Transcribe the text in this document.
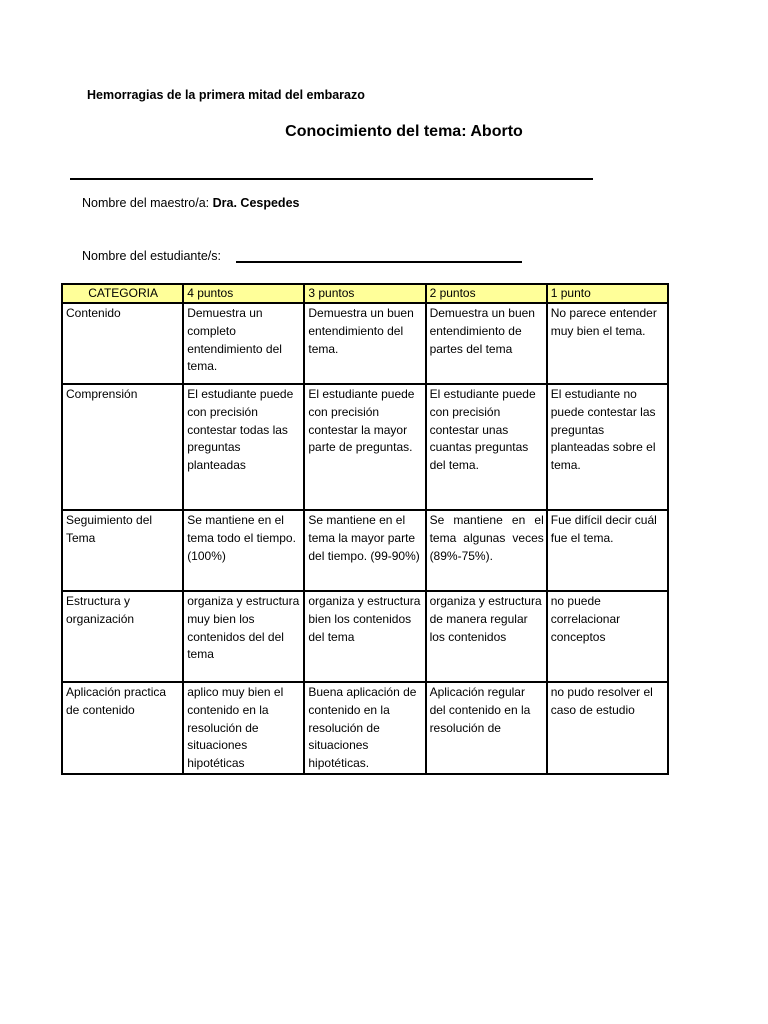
Hemorragias de la primera mitad del embarazo
Conocimiento del tema: Aborto
Nombre del maestro/a: Dra. Cespedes
Nombre del estudiante/s:
CATEGORIA	4 puntos	3 puntos	2 puntos	1 punto
Contenido	Demuestra un completo entendimiento del tema.	Demuestra un buen entendimiento del tema.	Demuestra un buen entendimiento de partes del tema	No parece entender muy bien el tema.
Comprensión	El estudiante puede con precisión contestar todas las preguntas planteadas	El estudiante puede con precisión contestar la mayor parte de preguntas.	El estudiante puede con precisión contestar unas cuantas preguntas del tema.	El estudiante no puede contestar las preguntas planteadas sobre el tema.
Seguimiento del Tema	Se mantiene en el tema todo el tiempo. (100%)	Se mantiene en el tema la mayor parte del tiempo. (99-90%)	Se mantiene en el tema algunas veces (89%-75%).	Fue difícil decir cuál fue el tema.
Estructura y organización	organiza y estructura muy bien los contenidos del del tema	organiza y estructura bien los contenidos del tema	organiza y estructura de manera regular los contenidos	no puede correlacionar conceptos
Aplicación practica de contenido	aplico muy bien el contenido en la resolución de situaciones hipotéticas	Buena aplicación de contenido en la resolución de situaciones hipotéticas.	Aplicación regular del contenido en la resolución de	no pudo resolver el caso de estudio
